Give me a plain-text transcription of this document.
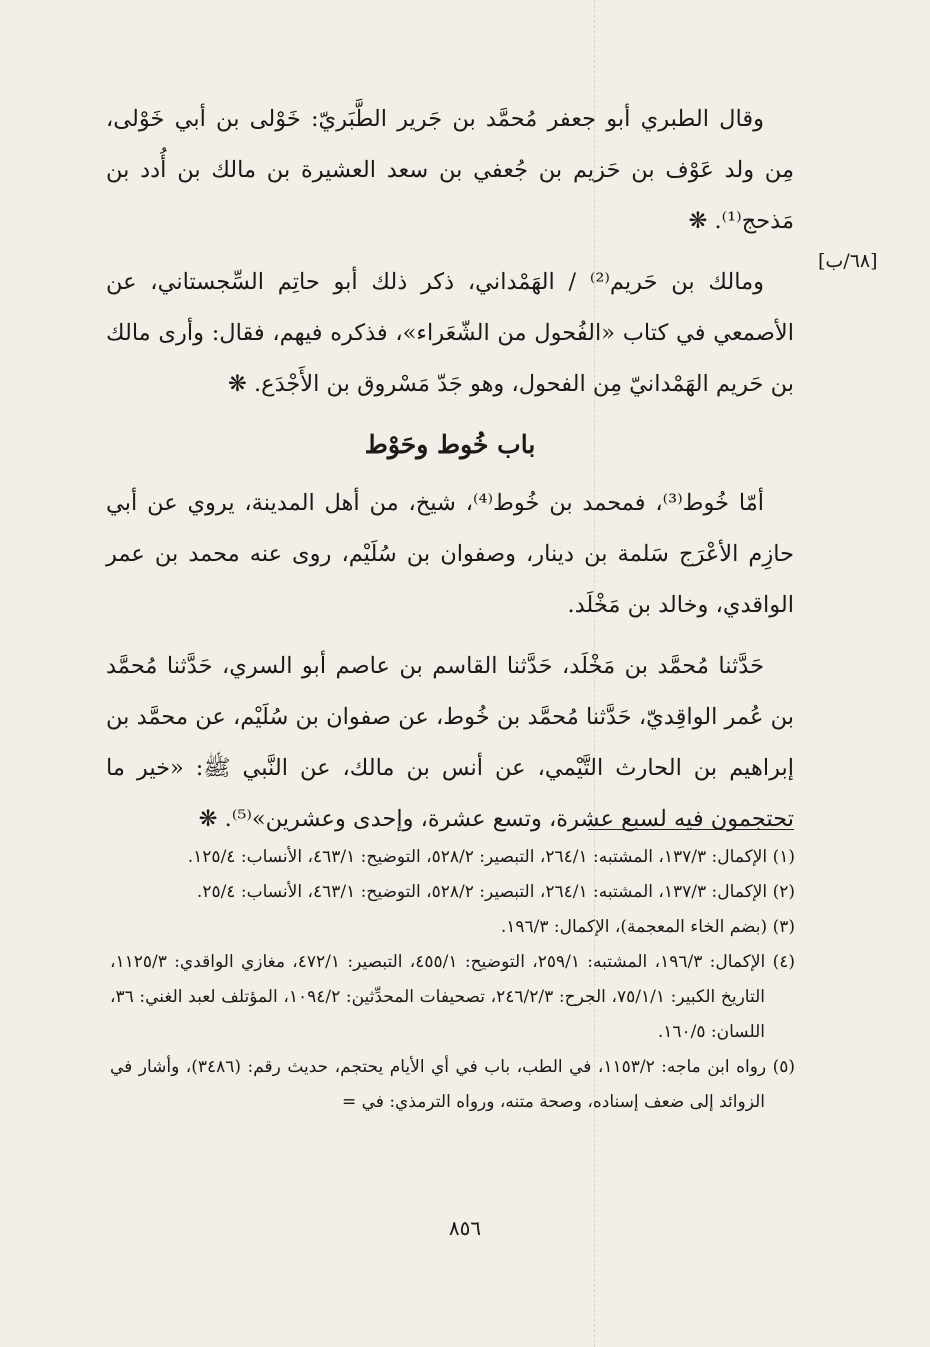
[٦٨/ب]

وقال الطبري أبو جعفر مُحمَّد بن جَرير الطَّبَريّ: خَوْلى بن أبي خَوْلى، مِن ولد عَوْف بن حَزيم بن جُعفي بن سعد العشيرة بن مالك بن أُدد بن مَذحج⁽¹⁾. ❋

ومالك بن حَريم⁽²⁾ / الهَمْداني، ذكر ذلك أبو حاتِم السِّجستاني، عن الأصمعي في كتاب «الفُحول من الشّعَراء»، فذكره فيهم، فقال: وأرى مالك بن حَريم الهَمْدانيّ مِن الفحول، وهو جَدّ مَسْروق بن الأَجْدَع. ❋

باب خُوط وحَوْط

أمّا خُوط⁽³⁾، فمحمد بن خُوط⁽⁴⁾، شيخ، من أهل المدينة، يروي عن أبي حازِم الأعْرَج سَلمة بن دينار، وصفوان بن سُلَيْم، روى عنه محمد بن عمر الواقدي، وخالد بن مَخْلَد.

حَدَّثنا مُحمَّد بن مَخْلَد، حَدَّثنا القاسم بن عاصم أبو السري، حَدَّثنا مُحمَّد بن عُمر الواقِديّ، حَدَّثنا مُحمَّد بن خُوط، عن صفوان بن سُلَيْم، عن محمَّد بن إبراهيم بن الحارث التَّيْمي، عن أنس بن مالك، عن النَّبي ﷺ: «خير ما تحتجمون فيه لسبع عشرة، وتسع عشرة، وإحدى وعشرين»⁽⁵⁾. ❋

(١) الإكمال: ١٣٧/٣، المشتبه: ٢٦٤/١، التبصير: ٥٢٨/٢، التوضيح: ٤٦٣/١، الأنساب: ١٢٥/٤.

(٢) الإكمال: ١٣٧/٣، المشتبه: ٢٦٤/١، التبصير: ٥٢٨/٢، التوضيح: ٤٦٣/١، الأنساب: ٢٥/٤.

(٣) (بضم الخاء المعجمة)، الإكمال: ١٩٦/٣.

(٤) الإكمال: ١٩٦/٣، المشتبه: ٢٥٩/١، التوضيح: ٤٥٥/١، التبصير: ٤٧٢/١، مغازي الواقدي: ١١٢٥/٣، التاريخ الكبير: ٧٥/١/١، الجرح: ٢٤٦/٢/٣، تصحيفات المحدِّثين: ١٠٩٤/٢، المؤتلف لعبد الغني: ٣٦، اللسان: ١٦٠/٥.

(٥) رواه ابن ماجه: ١١٥٣/٢، في الطب، باب في أي الأيام يحتجم، حديث رقم: (٣٤٨٦)، وأشار في الزوائد إلى ضعف إسناده، وصحة متنه، ورواه الترمذي: في =

٨٥٦
